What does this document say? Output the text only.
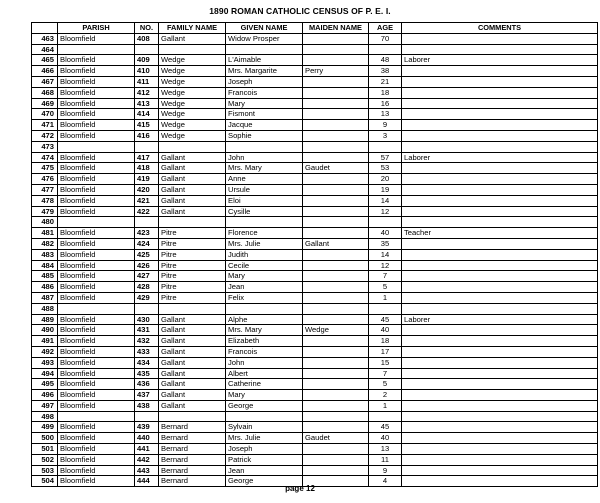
1890 ROMAN CATHOLIC CENSUS OF P. E. I.
	PARISH	NO.	FAMILY NAME	GIVEN NAME	MAIDEN NAME	AGE	COMMENTS
463	Bloomfield	408	Gallant	Widow Prosper		70	
464							
465	Bloomfield	409	Wedge	L'Aimable		48	Laborer
466	Bloomfield	410	Wedge	Mrs. Margarite	Perry	38	
467	Bloomfield	411	Wedge	Joseph		21	
468	Bloomfield	412	Wedge	Francois		18	
469	Bloomfield	413	Wedge	Mary		16	
470	Bloomfield	414	Wedge	Fismont		13	
471	Bloomfield	415	Wedge	Jacque		9	
472	Bloomfield	416	Wedge	Sophie		3	
473							
474	Bloomfield	417	Gallant	John		57	Laborer
475	Bloomfield	418	Gallant	Mrs. Mary	Gaudet	53	
476	Bloomfield	419	Gallant	Anne		20	
477	Bloomfield	420	Gallant	Ursule		19	
478	Bloomfield	421	Gallant	Eloi		14	
479	Bloomfield	422	Gallant	Cysille		12	
480							
481	Bloomfield	423	Pitre	Florence		40	Teacher
482	Bloomfield	424	Pitre	Mrs. Julie	Gallant	35	
483	Bloomfield	425	Pitre	Judith		14	
484	Bloomfield	426	Pitre	Cecile		12	
485	Bloomfield	427	Pitre	Mary		7	
486	Bloomfield	428	Pitre	Jean		5	
487	Bloomfield	429	Pitre	Felix		1	
488							
489	Bloomfield	430	Gallant	Alphe		45	Laborer
490	Bloomfield	431	Gallant	Mrs. Mary	Wedge	40	
491	Bloomfield	432	Gallant	Elizabeth		18	
492	Bloomfield	433	Gallant	Francois		17	
493	Bloomfield	434	Gallant	John		15	
494	Bloomfield	435	Gallant	Albert		7	
495	Bloomfield	436	Gallant	Catherine		5	
496	Bloomfield	437	Gallant	Mary		2	
497	Bloomfield	438	Gallant	George		1	
498							
499	Bloomfield	439	Bernard	Sylvain		45	
500	Bloomfield	440	Bernard	Mrs. Julie	Gaudet	40	
501	Bloomfield	441	Bernard	Joseph		13	
502	Bloomfield	442	Bernard	Patrick		11	
503	Bloomfield	443	Bernard	Jean		9	
504	Bloomfield	444	Bernard	George		4	
page 12
